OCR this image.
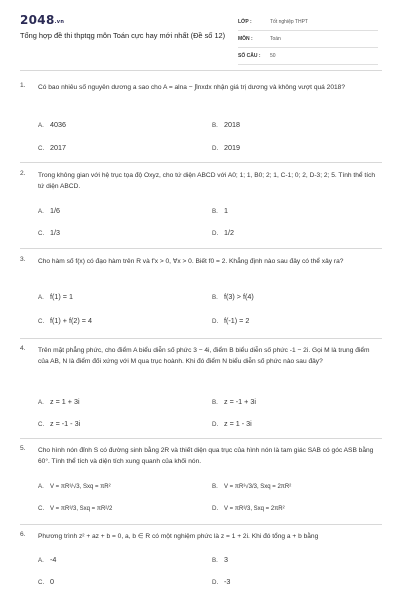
2048.vn
Tổng hợp đề thi thptqg môn Toán cực hay mới nhất (Đề số 12)
LỚP :	Tốt nghiệp THPT
MÔN :	Toán
SỐ CÂU :	50
1.	Có bao nhiêu số nguyên dương a sao cho A = alna − ∫lnxdx nhận giá trị dương và không vượt quá 2018?
A. 4036	B. 2018
C. 2017	D. 2019
2.	Trong không gian với hệ trục tọa độ Oxyz, cho tứ diện ABCD với A0; 1; 1, B0; 2; 1, C-1; 0; 2, D-3; 2; 5. Tính thể tích tứ diện ABCD.
A. 1/6	B. 1
C. 1/3	D. 1/2
3.	Cho hàm số f(x) có đạo hàm trên R và f'x > 0, ∀x > 0. Biết f0 = 2. Khẳng định nào sau đây có thể xảy ra?
A. f(1) = 1	B. f(3) > f(4)
C. f(1) + f(2) = 4	D. f(-1) = 2
4.	Trên mặt phẳng phức, cho điểm A biểu diễn số phức 3 − 4i, điểm B biểu diễn số phức -1 − 2i. Gọi M là trung điểm của AB, N là điểm đối xứng với M qua trục hoành. Khi đó điểm N biểu diễn số phức nào sau đây?
A. z = 1 + 3i	B. z = -1 + 3i
C. z = -1 - 3i	D. z = 1 - 3i
5.	Cho hình nón đỉnh S có đường sinh bằng 2R và thiết diện qua trục của hình nón là tam giác SAB có góc ASB bằng 60°. Tính thể tích và diện tích xung quanh của khối nón.
A.	V = πR³/√3, Sxq = πR²	B.	V = πR³√3/3, Sxq = 2πR²
C. V = πR³/3, Sxq = πR²/2	D. V = πR³/3, Sxq = 2πR²
6.	Phương trình z² + az + b = 0, a, b ∈ R có một nghiệm phức là z = 1 + 2i. Khi đó tổng a + b bằng
A. -4	B. 3
C. 0	D. -3
